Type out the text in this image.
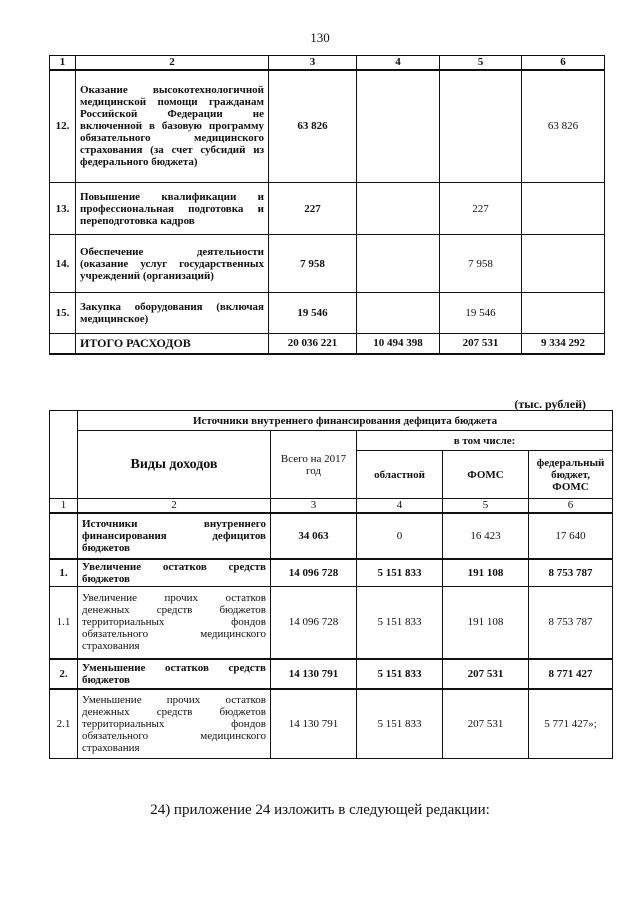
130
1	2	3	4	5	6
12.	Оказание высокотехнологичной медицинской помощи гражданам Российской Федерации не включенной в базовую программу обязательного медицинского страхования (за счет субсидий из федерального бюджета)	63 826			63 826
13.	Повышение квалификации и профессиональная подготовка и переподготовка кадров	227		227	
14.	Обеспечение деятельности (оказание услуг государственных учреждений (организаций)	7 958		7 958	
15.	Закупка оборудования (включая медицинское)	19 546		19 546	
	ИТОГО РАСХОДОВ	20 036 221	10 494 398	207 531	9 334 292
(тыс. рублей)
	Источники внутреннего финансирования дефицита бюджета				
	Виды доходов	Всего на 2017 год	в том числе:		
			областной	ФОМС	федеральный бюджет, ФОМС
1	2	3	4	5	6
	Источники внутреннего финансирования дефицитов бюджетов	34 063	0	16 423	17 640
1.	Увеличение остатков средств бюджетов	14 096 728	5 151 833	191 108	8 753 787
1.1	Увеличение прочих остатков денежных средств бюджетов территориальных фондов обязательного медицинского страхования	14 096 728	5 151 833	191 108	8 753 787
2.	Уменьшение остатков средств бюджетов	14 130 791	5 151 833	207 531	8 771 427
2.1	Уменьшение прочих остатков денежных средств бюджетов территориальных фондов обязательного медицинского страхования	14 130 791	5 151 833	207 531	5 771 427»;
24) приложение 24 изложить в следующей редакции:
